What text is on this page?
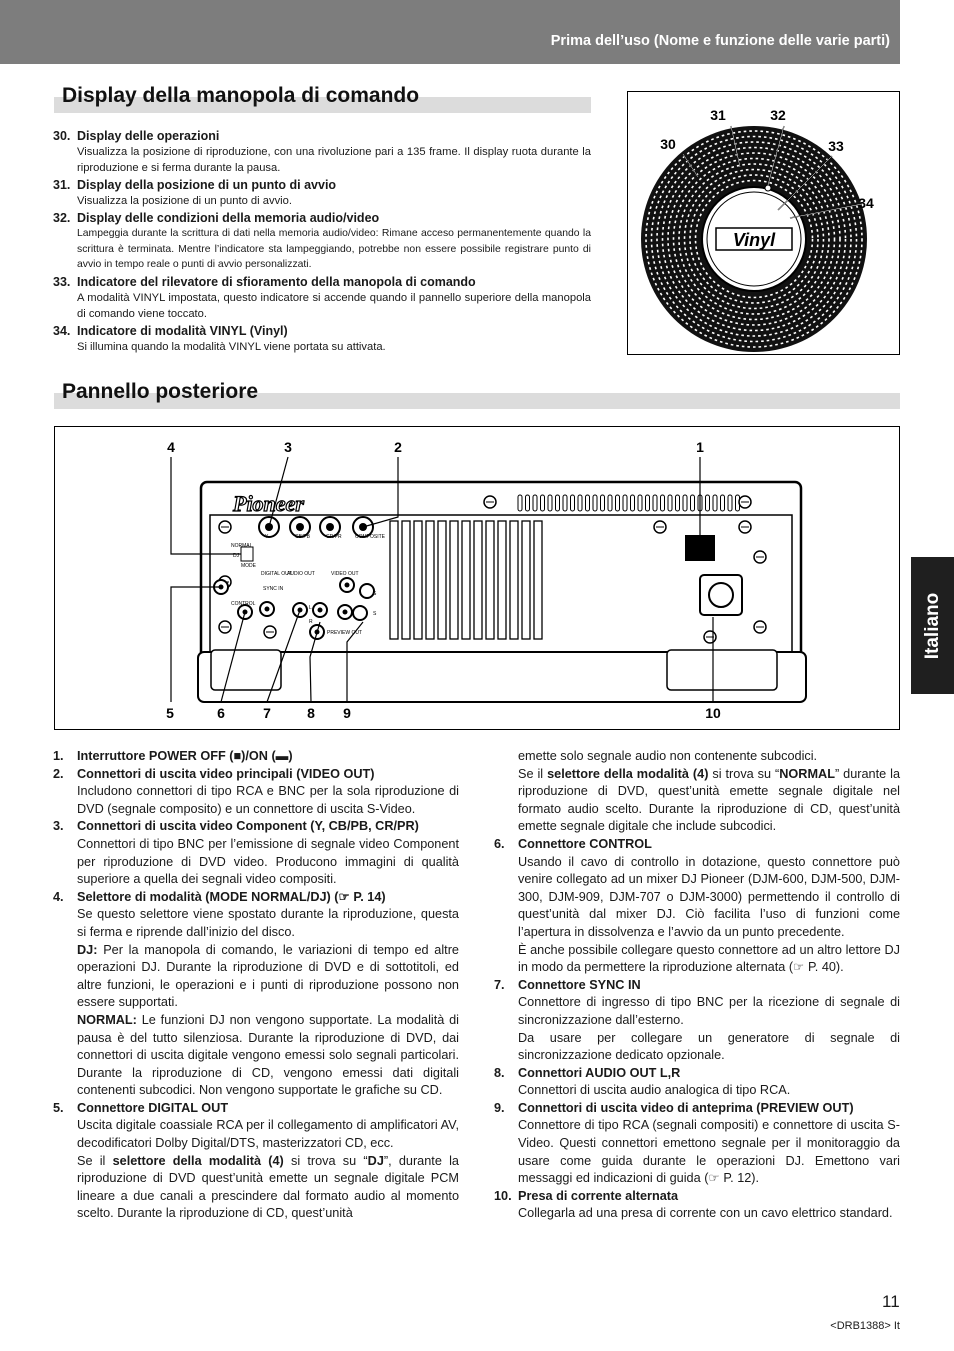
Prima dell’uso (Nome e funzione delle varie parti)
Italiano
Display della manopola di comando
30. Display delle operazioni
Visualizza la posizione di riproduzione, con una rivoluzione pari a 135 frame. Il display ruota durante la riproduzione e si ferma durante la pausa.
31. Display della posizione di un punto di avvio
Visualizza la posizione di un punto di avvio.
32. Display delle condizioni della memoria audio/video
Lampeggia durante la scrittura di dati nella memoria audio/video: Rimane acceso permanentemente quando la scrittura è terminata. Mentre l’indicatore sta lampeggiando, potrebbe non essere possibile registrare punto di avvio in tempo reale o punti di avvio personalizzati.
33. Indicatore del rilevatore di sfioramento della manopola di comando
A modalità VINYL impostata, questo indicatore si accende quando il pannello superiore della manopola di comando viene toccato.
34. Indicatore di modalità VINYL (Vinyl)
Si illumina quando la modalità VINYL viene portata su attivata.
Vinyl
30
31	32
33
34
Pannello posteriore
Pioneer
NORMAL
DJ
MODE
DIGITAL OUT
SYNC IN
CONTROL
Y	CB/PB	CR/PR	COMPOSITE
AUDIO OUT	VIDEO OUT
L
R
S
S
PREVIEW OUT
4	3	2	1
5	6	7	8 9	10
1.	Interruttore POWER OFF (■)/ON (▬)
2.	Connettori di uscita video principali (VIDEO OUT)

Includono connettori di tipo RCA e BNC per la sola riproduzione di DVD (segnale composito) e un connettore di uscita S-Video.

3.	Connettori di uscita video Component (Y, CB/PB, CR/PR)

Connettori di tipo BNC per l’emissione di segnale video Component per riproduzione di DVD video. Producono immagini di qualità superiore a quella dei segnali video compositi.

4.	Selettore di modalità (MODE NORMAL/DJ) (☞ P. 14)

Se questo selettore viene spostato durante la riproduzione, questa si ferma e riprende dall’inizio del disco.

DJ: Per la manopola di comando, le variazioni di tempo ed altre operazioni DJ. Durante la riproduzione di DVD e di sottotitoli, ed altre funzioni, le operazioni e i punti di riproduzione possono non essere supportati.

NORMAL: Le funzioni DJ non vengono supportate. La modalità di pausa è del tutto silenziosa. Durante la riproduzione di DVD, dai connettori di uscita digitale vengono emessi solo segnali particolari. Durante la riproduzione di CD, vengono emessi dati digitali contenenti subcodici. Non vengono supportate le grafiche su CD.

5.	Connettore DIGITAL OUT

Uscita digitale coassiale RCA per il collegamento di amplificatori AV, decodificatori Dolby Digital/DTS, masterizzatori CD, ecc.

Se il selettore della modalità (4) si trova su “DJ”, durante la riproduzione di DVD quest’unità emette un segnale digitale PCM lineare a due canali a prescindere dal formato audio al momento scelto. Durante la riproduzione di CD, quest’unità

emette solo segnale audio non contenente subcodici.

Se il selettore della modalità (4) si trova su “NORMAL” durante la riproduzione di DVD, quest’unità emette segnale digitale nel formato audio scelto. Durante la riproduzione di CD, quest’unità emette segnale digitale che include subcodici.

6.	Connettore CONTROL

Usando il cavo di controllo in dotazione, questo connettore può venire collegato ad un mixer DJ Pioneer (DJM-600, DJM-500, DJM-300, DJM-909, DJM-707 o DJM-3000) permettendo il controllo di quest’unità dal mixer DJ. Ciò facilita l’uso di funzioni come l’apertura in dissolvenza e l’avvio da un punto precedente.

È anche possibile collegare questo connettore ad un altro lettore DJ in modo da permettere la riproduzione alternata (☞ P. 40).

7.	Connettore SYNC IN

Connettore di ingresso di tipo BNC per la ricezione di segnale di sincronizzazione dall’esterno.

Da usare per collegare un generatore di segnale di sincronizzazione dedicato opzionale.

8.	Connettori AUDIO OUT L,R

Connettori di uscita audio analogica di tipo RCA.

9.	Connettori di uscita video di anteprima (PREVIEW OUT)

Connettore di tipo RCA (segnali compositi) e connettore di uscita S-Video. Questi connettori emettono segnale per il monitoraggio da usare come guida durante le operazioni DJ. Emettono vari messaggi ed indicazioni di guida (☞ P. 12).

10. Presa di corrente alternata

Collegarla ad una presa di corrente con un cavo elettrico standard.

11
<DRB1388> It
